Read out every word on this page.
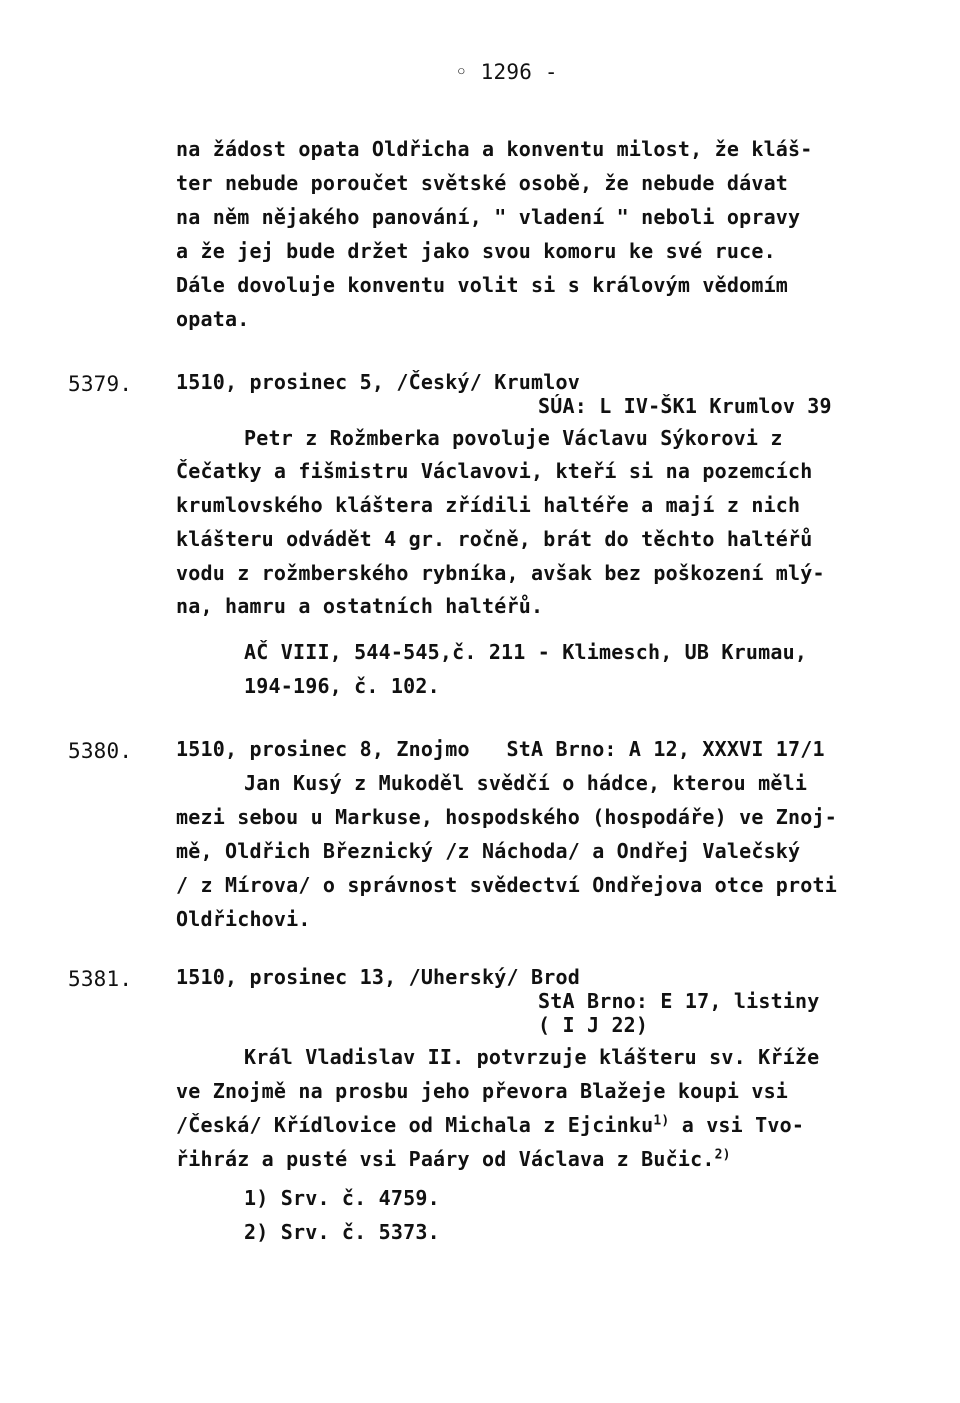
◦ 1296 -
na žádost opata Oldřicha a konventu milost, že kláš-
ter nebude poroučet světské osobě, že nebude dávat
na něm nějakého panování, " vladení " neboli opravy
a že jej bude držet jako svou komoru ke své ruce.
Dále dovoluje konventu volit si s královým vědomím
opata.
5379. 1510, prosinec 5, /Český/ Krumlov
SÚA: L IV-ŠK1 Krumlov 39
Petr z Rožmberka povoluje Václavu Sýkorovi z
Čečatky a fišmistru Václavovi, kteří si na pozemcích
krumlovského kláštera zřídili haltéře a mají z nich
klášteru odvádět 4 gr. ročně, brát do těchto haltéřů
vodu z rožmberského rybníka, avšak bez poškození mlý-
na, hamru a ostatních haltéřů.
AČ VIII, 544-545,č. 211 - Klimesch, UB Krumau,
194-196, č. 102.
5380. 1510, prosinec 8, Znojmo   StA Brno: A 12, XXXVI 17/1
Jan Kusý z Mukoděl svědčí o hádce, kterou měli
mezi sebou u Markuse, hospodského (hospodáře) ve Znoj-
mě, Oldřich Březnický /z Náchoda/ a Ondřej Valečský
/ z Mírova/ o správnost svědectví Ondřejova otce proti
Oldřichovi.
5381. 1510, prosinec 13, /Uherský/ Brod
StA Brno: E 17, listiny
( I J 22)
Král Vladislav II. potvrzuje klášteru sv. Kříže
ve Znojmě na prosbu jeho převora Blažeje koupi vsi
/Česká/ Křídlovice od Michala z Ejcinku$^{1)}$ a vsi Tvo-
řihráz a pusté vsi Paáry od Václava z Bučic.$^{2)}$
1) Srv. č. 4759.
2) Srv. č. 5373.
